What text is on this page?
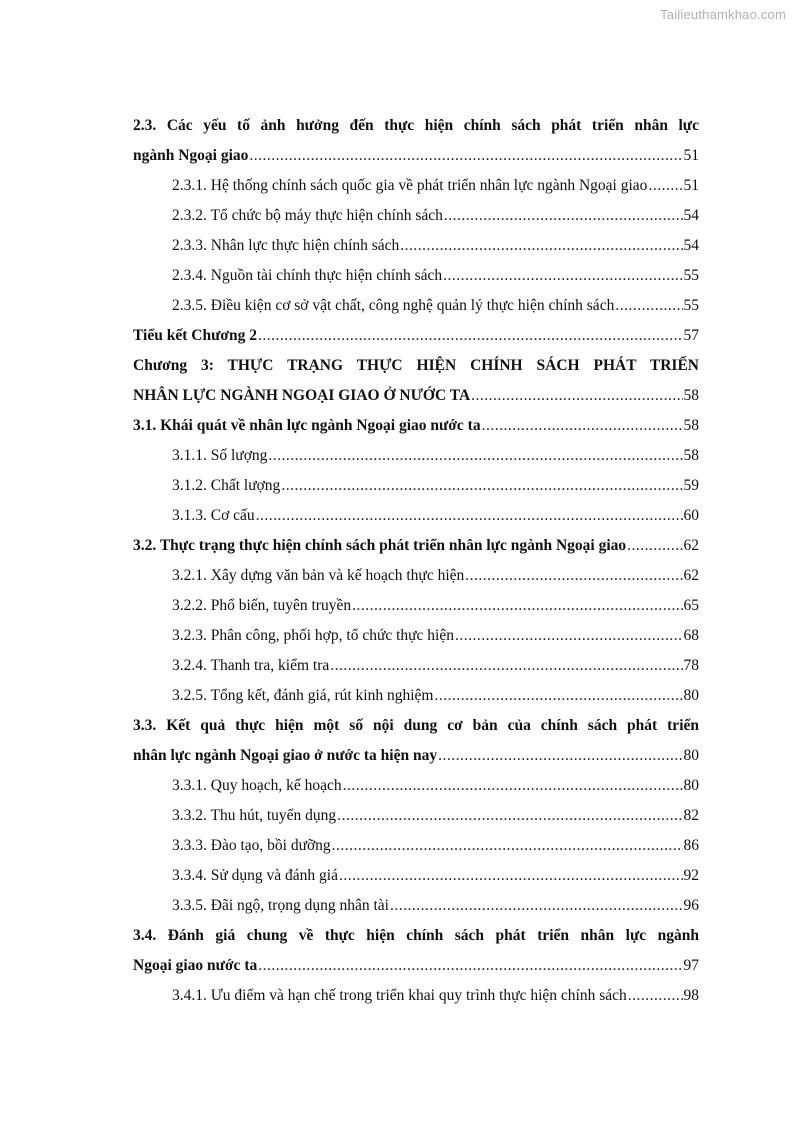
Tailieuthamkhao.com
2.3. Các yếu tố ảnh hưởng đến thực hiện chính sách phát triển nhân lực
ngành Ngoại giao .....	51
2.3.1. Hệ thống chính sách quốc gia về phát triển nhân lực ngành Ngoại giao ..... 51
2.3.2. Tổ chức bộ máy thực hiện chính sách .....	54
2.3.3. Nhân lực thực hiện chính sách .....	54
2.3.4. Nguồn tài chính thực hiện chính sách .....	55
2.3.5. Điều kiện cơ sở vật chất, công nghệ quản lý thực hiện chính sách .....	55
Tiểu kết Chương 2 .....	57
Chương 3: THỰC TRẠNG THỰC HIỆN CHÍNH SÁCH PHÁT TRIỂN
NHÂN LỰC NGÀNH NGOẠI GIAO Ở NƯỚC TA .....	58
3.1. Khái quát về nhân lực ngành Ngoại giao nước ta .....	58
3.1.1. Số lượng .....	58
3.1.2. Chất lượng .....	59
3.1.3. Cơ cấu .....	60
3.2. Thực trạng thực hiện chính sách phát triển nhân lực ngành Ngoại giao .....	62
3.2.1. Xây dựng văn bản và kế hoạch thực hiện .....	62
3.2.2. Phổ biến, tuyên truyền .....	65
3.2.3. Phân công, phối hợp, tổ chức thực hiện .....	68
3.2.4. Thanh tra, kiểm tra .....	78
3.2.5. Tổng kết, đánh giá, rút kinh nghiệm .....	80
3.3. Kết quả thực hiện một số nội dung cơ bản của chính sách phát triển
nhân lực ngành Ngoại giao ở nước ta hiện nay .....	80
3.3.1. Quy hoạch, kế hoạch .....	80
3.3.2. Thu hút, tuyển dụng .....	82
3.3.3. Đào tạo, bồi dưỡng .....	86
3.3.4. Sử dụng và đánh giá .....	92
3.3.5. Đãi ngộ, trọng dụng nhân tài .....	96
3.4. Đánh giá chung về thực hiện chính sách phát triển nhân lực ngành
Ngoại giao nước ta .....	97
3.4.1. Ưu điểm và hạn chế trong triển khai quy trình thực hiện chính sách .....	98
